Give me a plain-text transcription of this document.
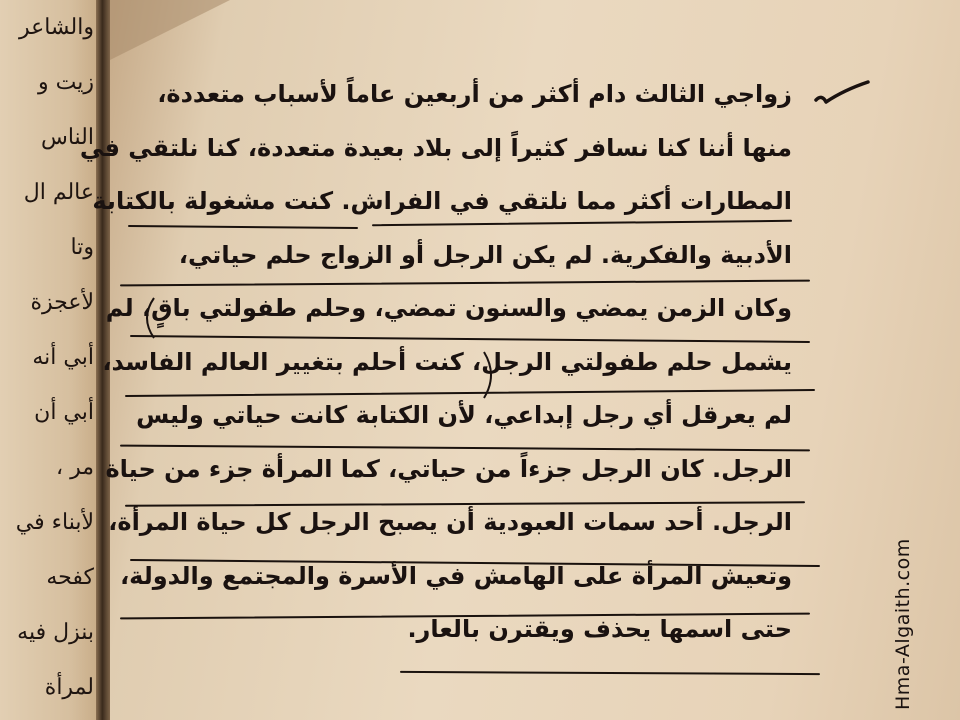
والشاعر
زيت و
الناس
عالم ال
وتا
لأعجزة
أبي أنه
أبي أن
مر ،
لأبناء في
كفحه
بنزل فيه
لمرأة
زواجي الثالث دام أكثر من أربعين عاماً لأسباب متعددة،
منها أننا كنا نسافر كثيراً إلى بلاد بعيدة متعددة، كنا نلتقي في
المطارات أكثر مما نلتقي في الفراش. كنت مشغولة بالكتابة
الأدبية والفكرية. لم يكن الرجل أو الزواج حلم حياتي،
وكان الزمن يمضي والسنون تمضي، وحلم طفولتي باقٍ، لم
يشمل حلم طفولتي الرجل، كنت أحلم بتغيير العالم الفاسد،
لم يعرقل أي رجل إبداعي، لأن الكتابة كانت حياتي وليس
الرجل. كان الرجل جزءاً من حياتي، كما المرأة جزء من حياة
الرجل. أحد سمات العبودية أن يصبح الرجل كل حياة المرأة،
وتعيش المرأة على الهامش في الأسرة والمجتمع والدولة،
حتى اسمها يحذف ويقترن بالعار.	Hma-Algaith.com
